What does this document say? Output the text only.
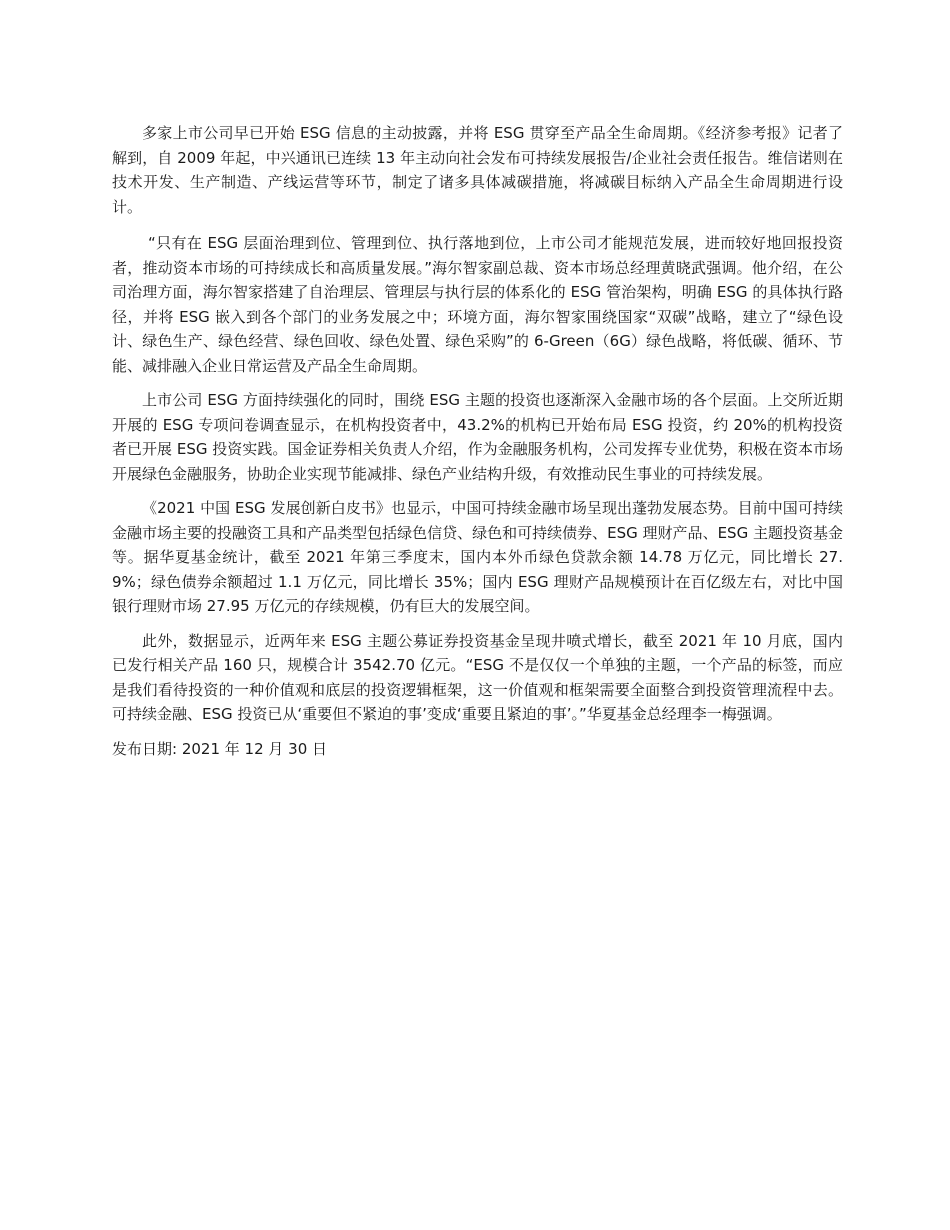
多家上市公司早已开始 ESG 信息的主动披露，并将 ESG 贯穿至产品全生命周期。《经济参考报》记者了解到，自 2009 年起，中兴通讯已连续 13 年主动向社会发布可持续发展报告/企业社会责任报告。维信诺则在技术开发、生产制造、产线运营等环节，制定了诸多具体减碳措施，将减碳目标纳入产品全生命周期进行设计。

“只有在 ESG 层面治理到位、管理到位、执行落地到位，上市公司才能规范发展，进而较好地回报投资者，推动资本市场的可持续成长和高质量发展。”海尔智家副总裁、资本市场总经理黄晓武强调。他介绍，在公司治理方面，海尔智家搭建了自治理层、管理层与执行层的体系化的 ESG 管治架构，明确 ESG 的具体执行路径，并将 ESG 嵌入到各个部门的业务发展之中；环境方面，海尔智家围绕国家“双碳”战略，建立了“绿色设计、绿色生产、绿色经营、绿色回收、绿色处置、绿色采购”的 6-Green（6G）绿色战略，将低碳、循环、节能、减排融入企业日常运营及产品全生命周期。

上市公司 ESG 方面持续强化的同时，围绕 ESG 主题的投资也逐渐深入金融市场的各个层面。上交所近期开展的 ESG 专项问卷调查显示，在机构投资者中，43.2%的机构已开始布局 ESG 投资，约 20%的机构投资者已开展 ESG 投资实践。国金证券相关负责人介绍，作为金融服务机构，公司发挥专业优势，积极在资本市场开展绿色金融服务，协助企业实现节能减排、绿色产业结构升级，有效推动民生事业的可持续发展。

《2021 中国 ESG 发展创新白皮书》也显示，中国可持续金融市场呈现出蓬勃发展态势。目前中国可持续金融市场主要的投融资工具和产品类型包括绿色信贷、绿色和可持续债券、ESG 理财产品、ESG 主题投资基金等。据华夏基金统计，截至 2021 年第三季度末，国内本外币绿色贷款余额 14.78 万亿元，同比增长 27.9%；绿色债券余额超过 1.1 万亿元，同比增长 35%；国内 ESG 理财产品规模预计在百亿级左右，对比中国银行理财市场 27.95 万亿元的存续规模，仍有巨大的发展空间。

此外，数据显示，近两年来 ESG 主题公募证券投资基金呈现井喷式增长，截至 2021 年 10 月底，国内已发行相关产品 160 只，规模合计 3542.70 亿元。“ESG 不是仅仅一个单独的主题，一个产品的标签，而应是我们看待投资的一种价值观和底层的投资逻辑框架，这一价值观和框架需要全面整合到投资管理流程中去。可持续金融、ESG 投资已从‘重要但不紧迫的事’变成‘重要且紧迫的事’。”华夏基金总经理李一梅强调。

发布日期: 2021 年 12 月 30 日
